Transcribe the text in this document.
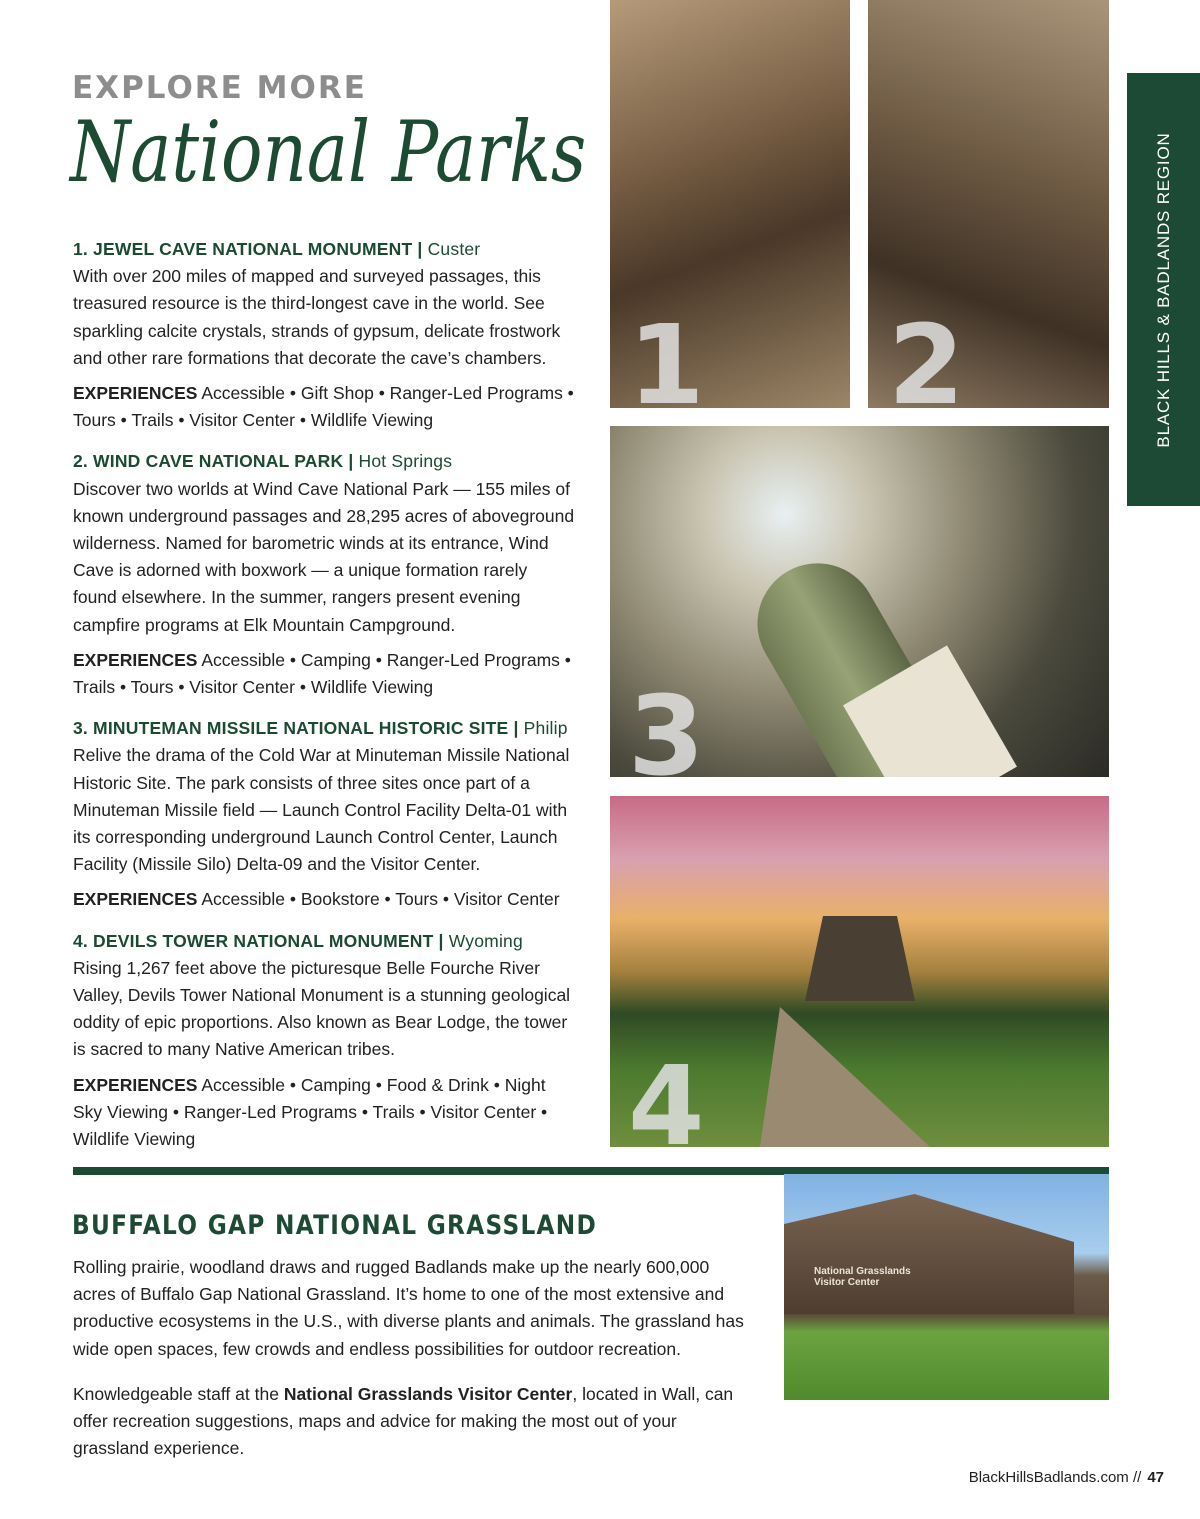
EXPLORE MORE
National Parks

1. JEWEL CAVE NATIONAL MONUMENT | Custer

With over 200 miles of mapped and surveyed passages, this treasured resource is the third-longest cave in the world. See sparkling calcite crystals, strands of gypsum, delicate frostwork and other rare formations that decorate the cave’s chambers.

EXPERIENCES Accessible • Gift Shop • Ranger-Led Programs • Tours • Trails • Visitor Center • Wildlife Viewing

2. WIND CAVE NATIONAL PARK | Hot Springs

Discover two worlds at Wind Cave National Park — 155 miles of known underground passages and 28,295 acres of aboveground wilderness. Named for barometric winds at its entrance, Wind Cave is adorned with boxwork — a unique formation rarely found elsewhere. In the summer, rangers present evening campfire programs at Elk Mountain Campground.

EXPERIENCES Accessible • Camping • Ranger-Led Programs • Trails • Tours • Visitor Center • Wildlife Viewing

3. MINUTEMAN MISSILE NATIONAL HISTORIC SITE | Philip

Relive the drama of the Cold War at Minuteman Missile National Historic Site. The park consists of three sites once part of a Minuteman Missile field — Launch Control Facility Delta-01 with its corresponding underground Launch Control Center, Launch Facility (Missile Silo) Delta-09 and the Visitor Center.

EXPERIENCES Accessible • Bookstore • Tours • Visitor Center

4. DEVILS TOWER NATIONAL MONUMENT | Wyoming

Rising 1,267 feet above the picturesque Belle Fourche River Valley, Devils Tower National Monument is a stunning geological oddity of epic proportions. Also known as Bear Lodge, the tower is sacred to many Native American tribes.

EXPERIENCES Accessible • Camping • Food & Drink • Night Sky Viewing • Ranger-Led Programs • Trails • Visitor Center • Wildlife Viewing

1 2
3
4
BLACK HILLS & BADLANDS REGION
BUFFALO GAP NATIONAL GRASSLAND

Rolling prairie, woodland draws and rugged Badlands make up the nearly 600,000 acres of Buffalo Gap National Grassland. It’s home to one of the most extensive and productive ecosystems in the U.S., with diverse plants and animals. The grassland has wide open spaces, few crowds and endless possibilities for outdoor recreation.

Knowledgeable staff at the National Grasslands Visitor Center, located in Wall, can offer recreation suggestions, maps and advice for making the most out of your grassland experience.

National Grasslands
Visitor Center
BlackHillsBadlands.com // 47
